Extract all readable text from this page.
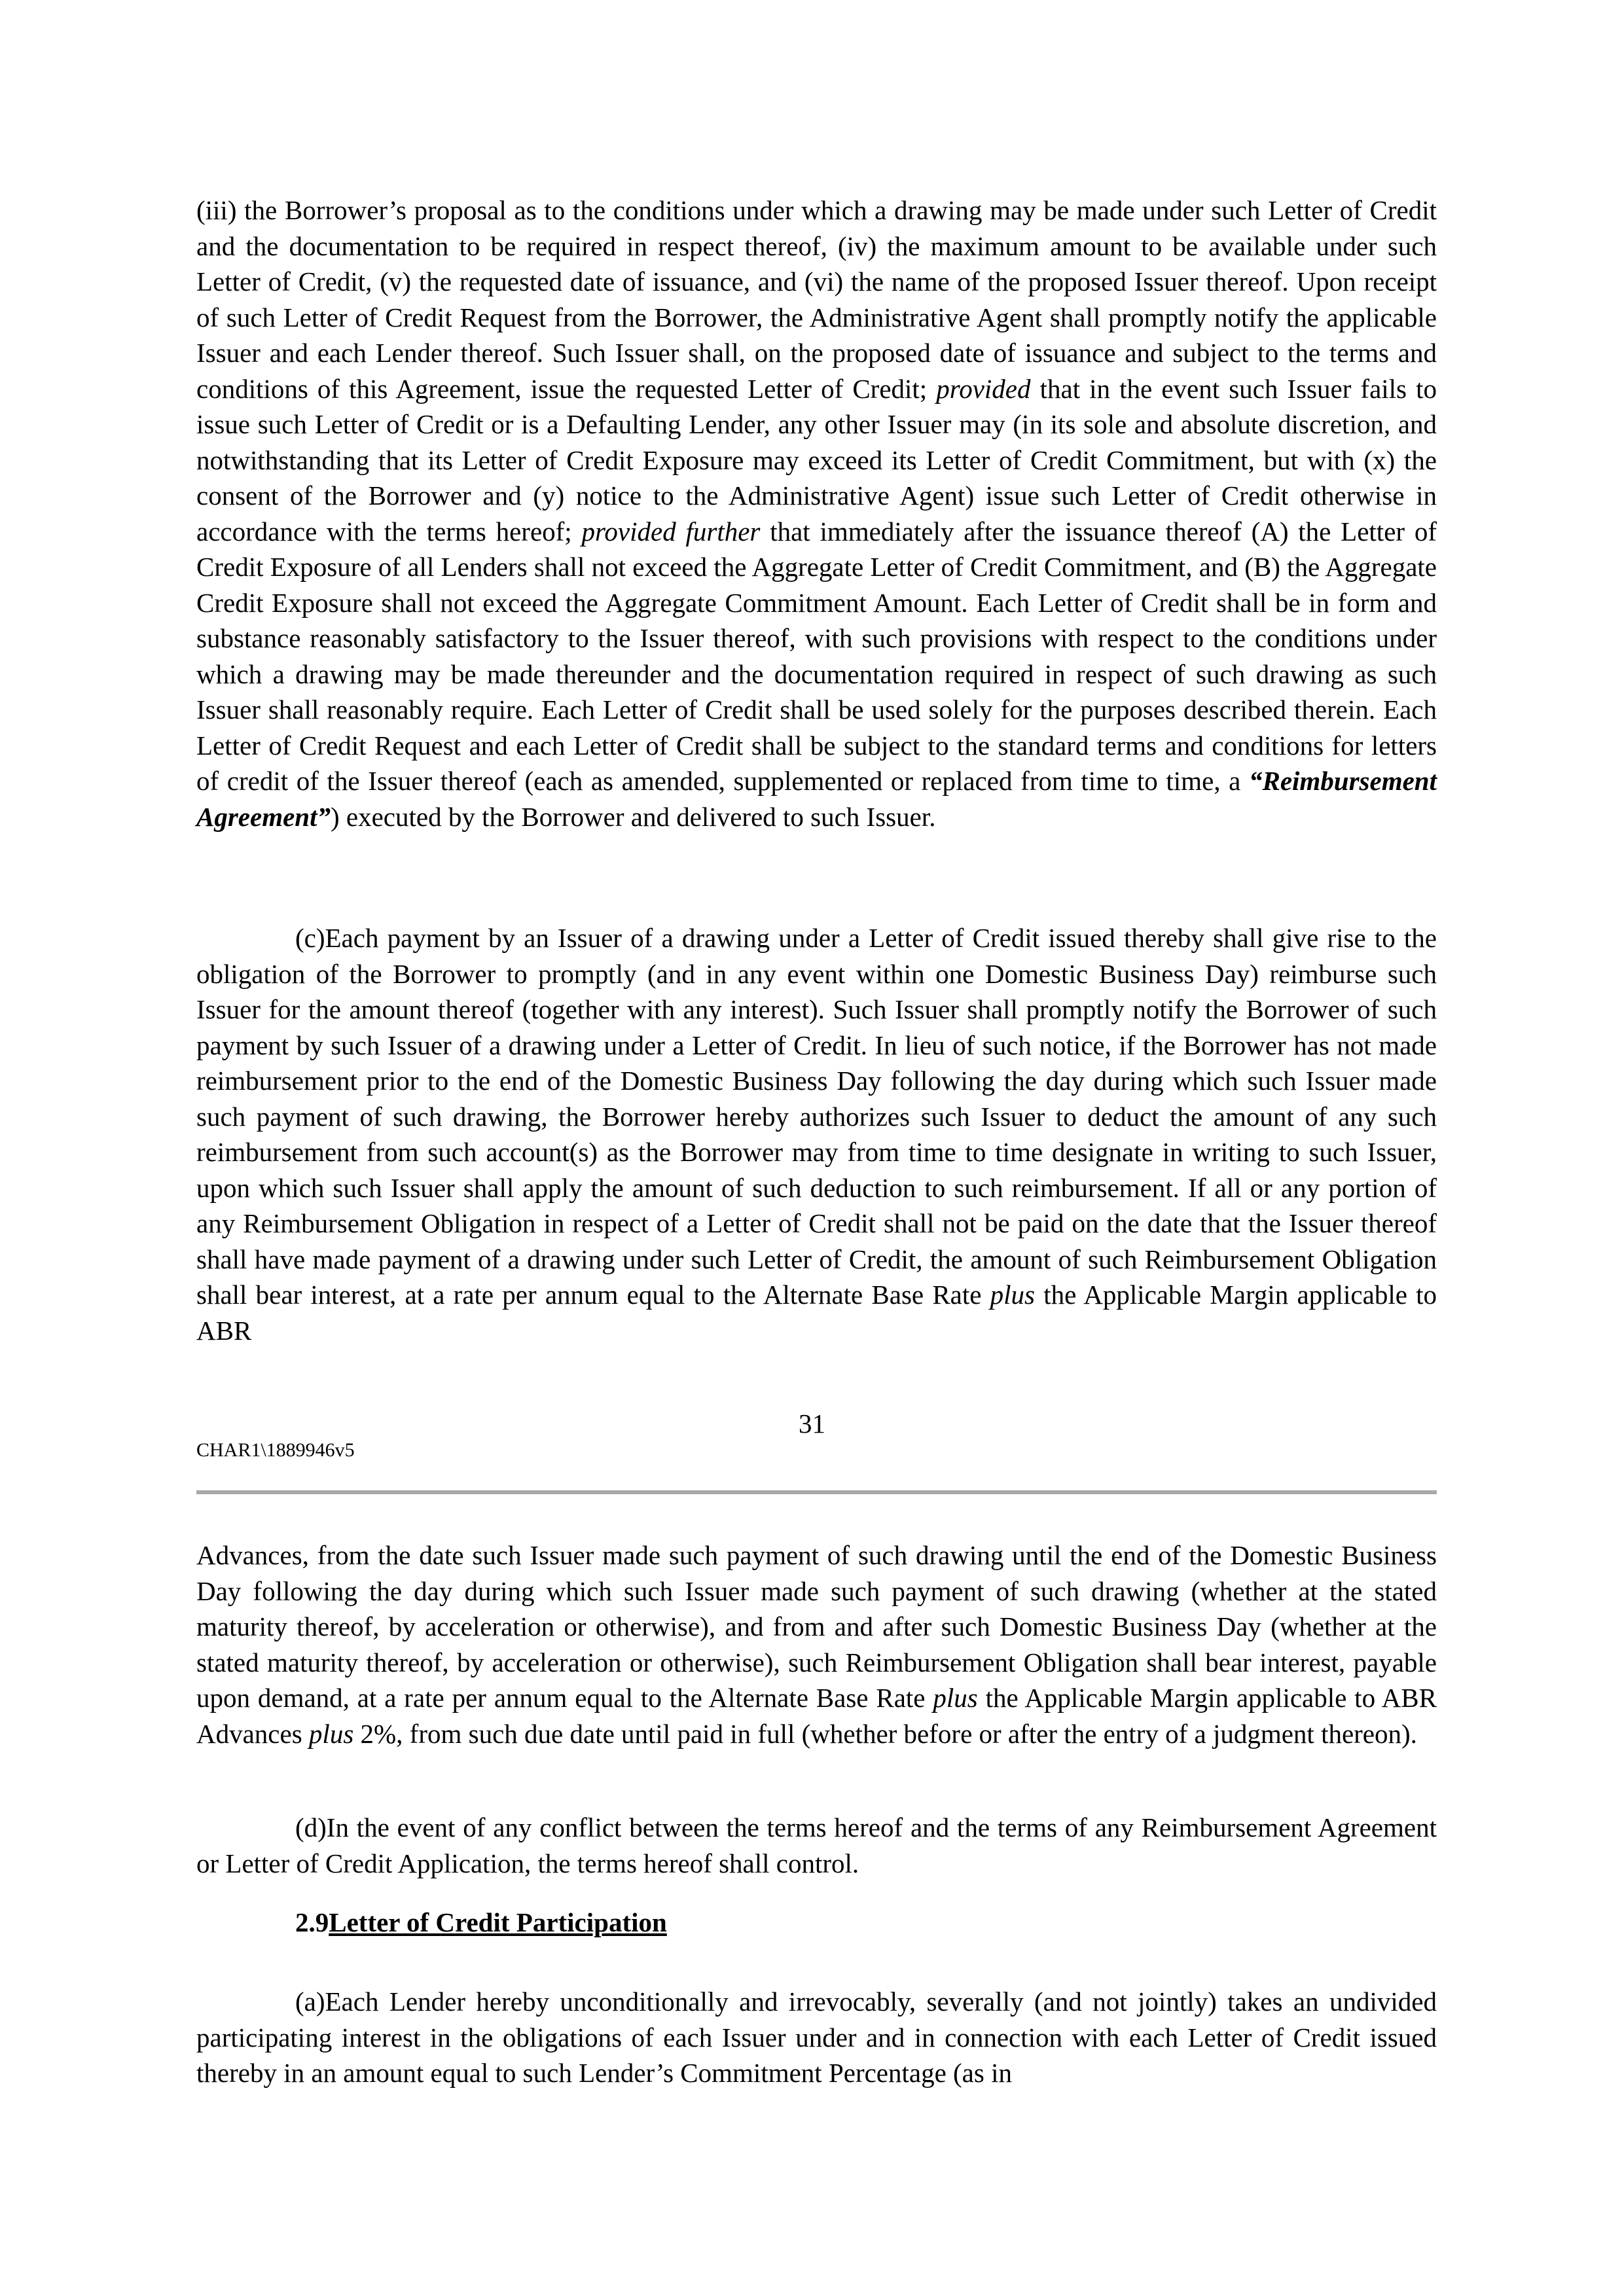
(iii) the Borrower’s proposal as to the conditions under which a drawing may be made under such Letter of Credit and the documentation to be required in respect thereof, (iv) the maximum amount to be available under such Letter of Credit, (v) the requested date of issuance, and (vi) the name of the proposed Issuer thereof. Upon receipt of such Letter of Credit Request from the Borrower, the Administrative Agent shall promptly notify the applicable Issuer and each Lender thereof. Such Issuer shall, on the proposed date of issuance and subject to the terms and conditions of this Agreement, issue the requested Letter of Credit; provided that in the event such Issuer fails to issue such Letter of Credit or is a Defaulting Lender, any other Issuer may (in its sole and absolute discretion, and notwithstanding that its Letter of Credit Exposure may exceed its Letter of Credit Commitment, but with (x) the consent of the Borrower and (y) notice to the Administrative Agent) issue such Letter of Credit otherwise in accordance with the terms hereof; provided further that immediately after the issuance thereof (A) the Letter of Credit Exposure of all Lenders shall not exceed the Aggregate Letter of Credit Commitment, and (B) the Aggregate Credit Exposure shall not exceed the Aggregate Commitment Amount. Each Letter of Credit shall be in form and substance reasonably satisfactory to the Issuer thereof, with such provisions with respect to the conditions under which a drawing may be made thereunder and the documentation required in respect of such drawing as such Issuer shall reasonably require. Each Letter of Credit shall be used solely for the purposes described therein. Each Letter of Credit Request and each Letter of Credit shall be subject to the standard terms and conditions for letters of credit of the Issuer thereof (each as amended, supplemented or replaced from time to time, a “Reimbursement Agreement”) executed by the Borrower and delivered to such Issuer.

(c)Each payment by an Issuer of a drawing under a Letter of Credit issued thereby shall give rise to the obligation of the Borrower to promptly (and in any event within one Domestic Business Day) reimburse such Issuer for the amount thereof (together with any interest). Such Issuer shall promptly notify the Borrower of such payment by such Issuer of a drawing under a Letter of Credit. In lieu of such notice, if the Borrower has not made reimbursement prior to the end of the Domestic Business Day following the day during which such Issuer made such payment of such drawing, the Borrower hereby authorizes such Issuer to deduct the amount of any such reimbursement from such account(s) as the Borrower may from time to time designate in writing to such Issuer, upon which such Issuer shall apply the amount of such deduction to such reimbursement. If all or any portion of any Reimbursement Obligation in respect of a Letter of Credit shall not be paid on the date that the Issuer thereof shall have made payment of a drawing under such Letter of Credit, the amount of such Reimbursement Obligation shall bear interest, at a rate per annum equal to the Alternate Base Rate plus the Applicable Margin applicable to ABR

31

CHAR1\1889946v5

Advances, from the date such Issuer made such payment of such drawing until the end of the Domestic Business Day following the day during which such Issuer made such payment of such drawing (whether at the stated maturity thereof, by acceleration or otherwise), and from and after such Domestic Business Day (whether at the stated maturity thereof, by acceleration or otherwise), such Reimbursement Obligation shall bear interest, payable upon demand, at a rate per annum equal to the Alternate Base Rate plus the Applicable Margin applicable to ABR Advances plus 2%, from such due date until paid in full (whether before or after the entry of a judgment thereon).

(d)In the event of any conflict between the terms hereof and the terms of any Reimbursement Agreement or Letter of Credit Application, the terms hereof shall control.

2.9Letter of Credit Participation

(a)Each Lender hereby unconditionally and irrevocably, severally (and not jointly) takes an undivided participating interest in the obligations of each Issuer under and in connection with each Letter of Credit issued thereby in an amount equal to such Lender’s Commitment Percentage (as in
